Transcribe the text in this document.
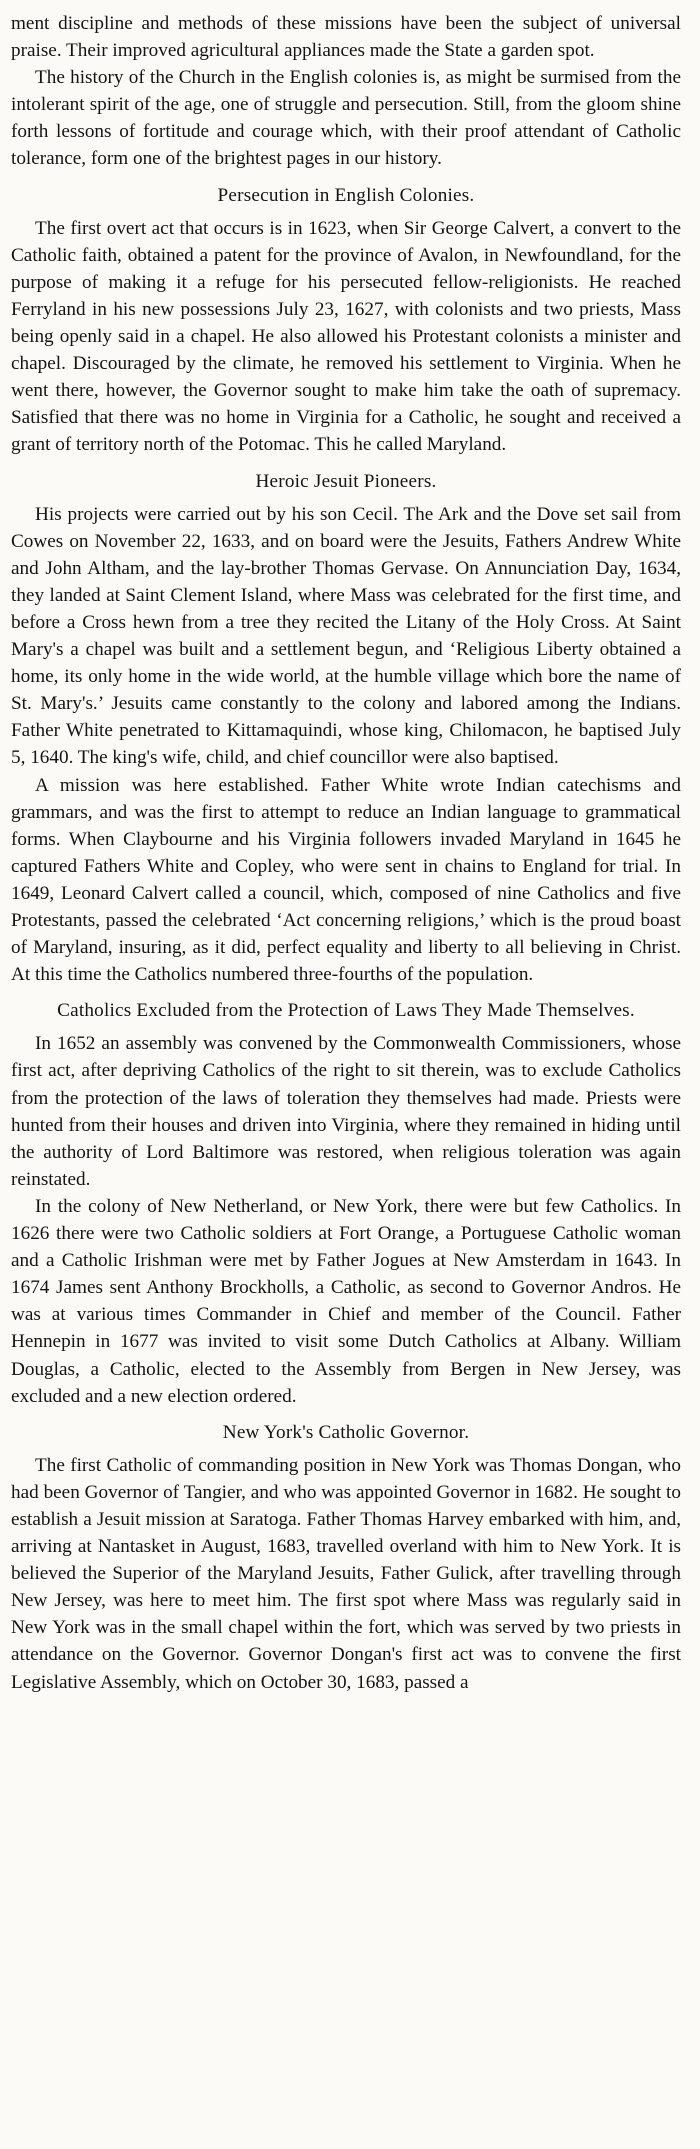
ment discipline and methods of these missions have been the subject of universal praise. Their improved agricultural appliances made the State a garden spot.

The history of the Church in the English colonies is, as might be surmised from the intolerant spirit of the age, one of struggle and persecution. Still, from the gloom shine forth lessons of fortitude and courage which, with their proof attendant of Catholic tolerance, form one of the brightest pages in our history.

Persecution in English Colonies.

The first overt act that occurs is in 1623, when Sir George Calvert, a convert to the Catholic faith, obtained a patent for the province of Avalon, in Newfoundland, for the purpose of making it a refuge for his persecuted fellow-religionists. He reached Ferryland in his new possessions July 23, 1627, with colonists and two priests, Mass being openly said in a chapel. He also allowed his Protestant colonists a minister and chapel. Discouraged by the climate, he removed his settlement to Virginia. When he went there, however, the Governor sought to make him take the oath of supremacy. Satisfied that there was no home in Virginia for a Catholic, he sought and received a grant of territory north of the Potomac. This he called Maryland.

Heroic Jesuit Pioneers.

His projects were carried out by his son Cecil. The Ark and the Dove set sail from Cowes on November 22, 1633, and on board were the Jesuits, Fathers Andrew White and John Altham, and the lay-brother Thomas Gervase. On Annunciation Day, 1634, they landed at Saint Clement Island, where Mass was celebrated for the first time, and before a Cross hewn from a tree they recited the Litany of the Holy Cross. At Saint Mary's a chapel was built and a settlement begun, and ‘Religious Liberty obtained a home, its only home in the wide world, at the humble village which bore the name of St. Mary's.’ Jesuits came constantly to the colony and labored among the Indians. Father White penetrated to Kittamaquindi, whose king, Chilomacon, he baptised July 5, 1640. The king's wife, child, and chief councillor were also baptised.

A mission was here established. Father White wrote Indian catechisms and grammars, and was the first to attempt to reduce an Indian language to grammatical forms. When Claybourne and his Virginia followers invaded Maryland in 1645 he captured Fathers White and Copley, who were sent in chains to England for trial. In 1649, Leonard Calvert called a council, which, composed of nine Catholics and five Protestants, passed the celebrated ‘Act concerning religions,’ which is the proud boast of Maryland, insuring, as it did, perfect equality and liberty to all believing in Christ. At this time the Catholics numbered three-fourths of the population.

Catholics Excluded from the Protection of Laws They Made Themselves.

In 1652 an assembly was convened by the Commonwealth Commissioners, whose first act, after depriving Catholics of the right to sit therein, was to exclude Catholics from the protection of the laws of toleration they themselves had made. Priests were hunted from their houses and driven into Virginia, where they remained in hiding until the authority of Lord Baltimore was restored, when religious toleration was again reinstated.

In the colony of New Netherland, or New York, there were but few Catholics. In 1626 there were two Catholic soldiers at Fort Orange, a Portuguese Catholic woman and a Catholic Irishman were met by Father Jogues at New Amsterdam in 1643. In 1674 James sent Anthony Brockholls, a Catholic, as second to Governor Andros. He was at various times Commander in Chief and member of the Council. Father Hennepin in 1677 was invited to visit some Dutch Catholics at Albany. William Douglas, a Catholic, elected to the Assembly from Bergen in New Jersey, was excluded and a new election ordered.

New York's Catholic Governor.

The first Catholic of commanding position in New York was Thomas Dongan, who had been Governor of Tangier, and who was appointed Governor in 1682. He sought to establish a Jesuit mission at Saratoga. Father Thomas Harvey embarked with him, and, arriving at Nantasket in August, 1683, travelled overland with him to New York. It is believed the Superior of the Maryland Jesuits, Father Gulick, after travelling through New Jersey, was here to meet him. The first spot where Mass was regularly said in New York was in the small chapel within the fort, which was served by two priests in attendance on the Governor. Governor Dongan's first act was to convene the first Legislative Assembly, which on October 30, 1683, passed a
